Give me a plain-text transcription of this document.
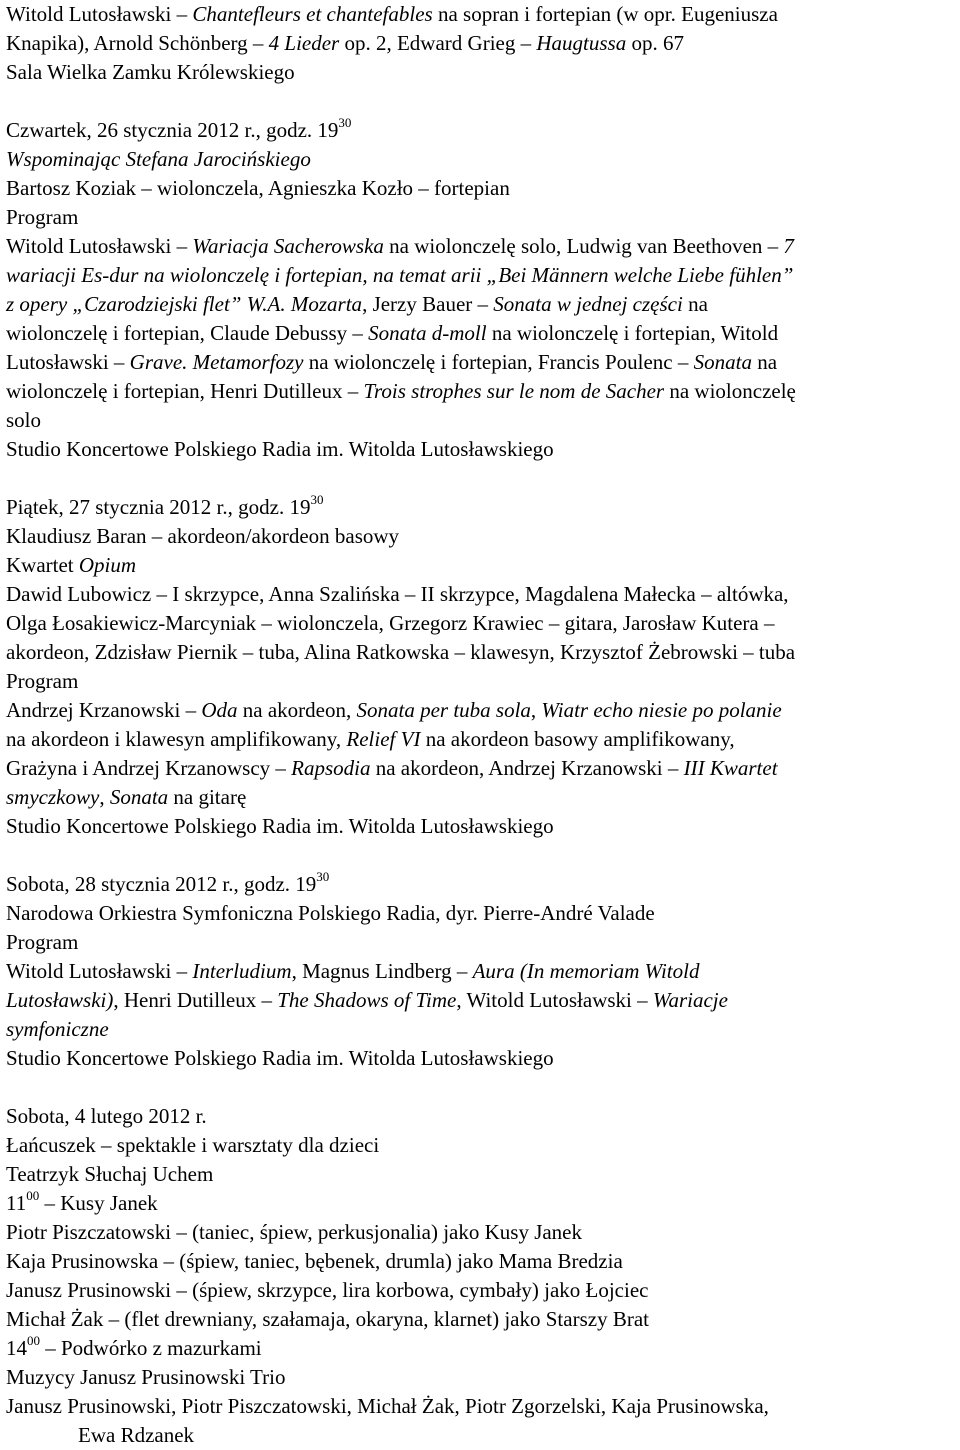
Witold Lutosławski – Chantefleurs et chantefables na sopran i fortepian (w opr. Eugeniusza
Knapika), Arnold Schönberg – 4 Lieder op. 2, Edward Grieg – Haugtussa op. 67
Sala Wielka Zamku Królewskiego
Czwartek, 26 stycznia 2012 r., godz. $19^{30}$
Wspominając Stefana Jarocińskiego
Bartosz Koziak – wiolonczela, Agnieszka Kozło – fortepian
Program
Witold Lutosławski – Wariacja Sacherowska na wiolonczelę solo, Ludwig van Beethoven – 7
wariacji Es-dur na wiolonczelę i fortepian, na temat arii „Bei Männern welche Liebe fühlen”
z opery „Czarodziejski flet” W.A. Mozarta, Jerzy Bauer – Sonata w jednej części na
wiolonczelę i fortepian, Claude Debussy – Sonata d-moll na wiolonczelę i fortepian, Witold
Lutosławski – Grave. Metamorfozy na wiolonczelę i fortepian, Francis Poulenc – Sonata na
wiolonczelę i fortepian, Henri Dutilleux – Trois strophes sur le nom de Sacher na wiolonczelę
solo
Studio Koncertowe Polskiego Radia im. Witolda Lutosławskiego
Piątek, 27 stycznia 2012 r., godz. $19^{30}$
Klaudiusz Baran – akordeon/akordeon basowy
Kwartet Opium
Dawid Lubowicz – I skrzypce, Anna Szalińska – II skrzypce, Magdalena Małecka – altówka,
Olga Łosakiewicz-Marcyniak – wiolonczela, Grzegorz Krawiec – gitara, Jarosław Kutera –
akordeon, Zdzisław Piernik – tuba, Alina Ratkowska – klawesyn, Krzysztof Żebrowski – tuba
Program
Andrzej Krzanowski – Oda na akordeon, Sonata per tuba sola, Wiatr echo niesie po polanie
na akordeon i klawesyn amplifikowany, Relief VI na akordeon basowy amplifikowany,
Grażyna i Andrzej Krzanowscy – Rapsodia na akordeon, Andrzej Krzanowski – III Kwartet
smyczkowy, Sonata na gitarę
Studio Koncertowe Polskiego Radia im. Witolda Lutosławskiego
Sobota, 28 stycznia 2012 r., godz. $19^{30}$
Narodowa Orkiestra Symfoniczna Polskiego Radia, dyr. Pierre-André Valade
Program
Witold Lutosławski – Interludium, Magnus Lindberg – Aura (In memoriam Witold
Lutosławski), Henri Dutilleux – The Shadows of Time, Witold Lutosławski – Wariacje
symfoniczne
Studio Koncertowe Polskiego Radia im. Witolda Lutosławskiego
Sobota, 4 lutego 2012 r.
Łańcuszek – spektakle i warsztaty dla dzieci
Teatrzyk Słuchaj Uchem
$11^{00}$ – Kusy Janek
Piotr Piszczatowski – (taniec, śpiew, perkusjonalia) jako Kusy Janek
Kaja Prusinowska – (śpiew, taniec, bębenek, drumla) jako Mama Bredzia
Janusz Prusinowski – (śpiew, skrzypce, lira korbowa, cymbały) jako Łojciec
Michał Żak – (flet drewniany, szałamaja, okaryna, klarnet) jako Starszy Brat
$14^{00}$ – Podwórko z mazurkami
Muzycy Janusz Prusinowski Trio
Janusz Prusinowski, Piotr Piszczatowski, Michał Żak, Piotr Zgorzelski, Kaja Prusinowska,
Ewa Rdzanek
